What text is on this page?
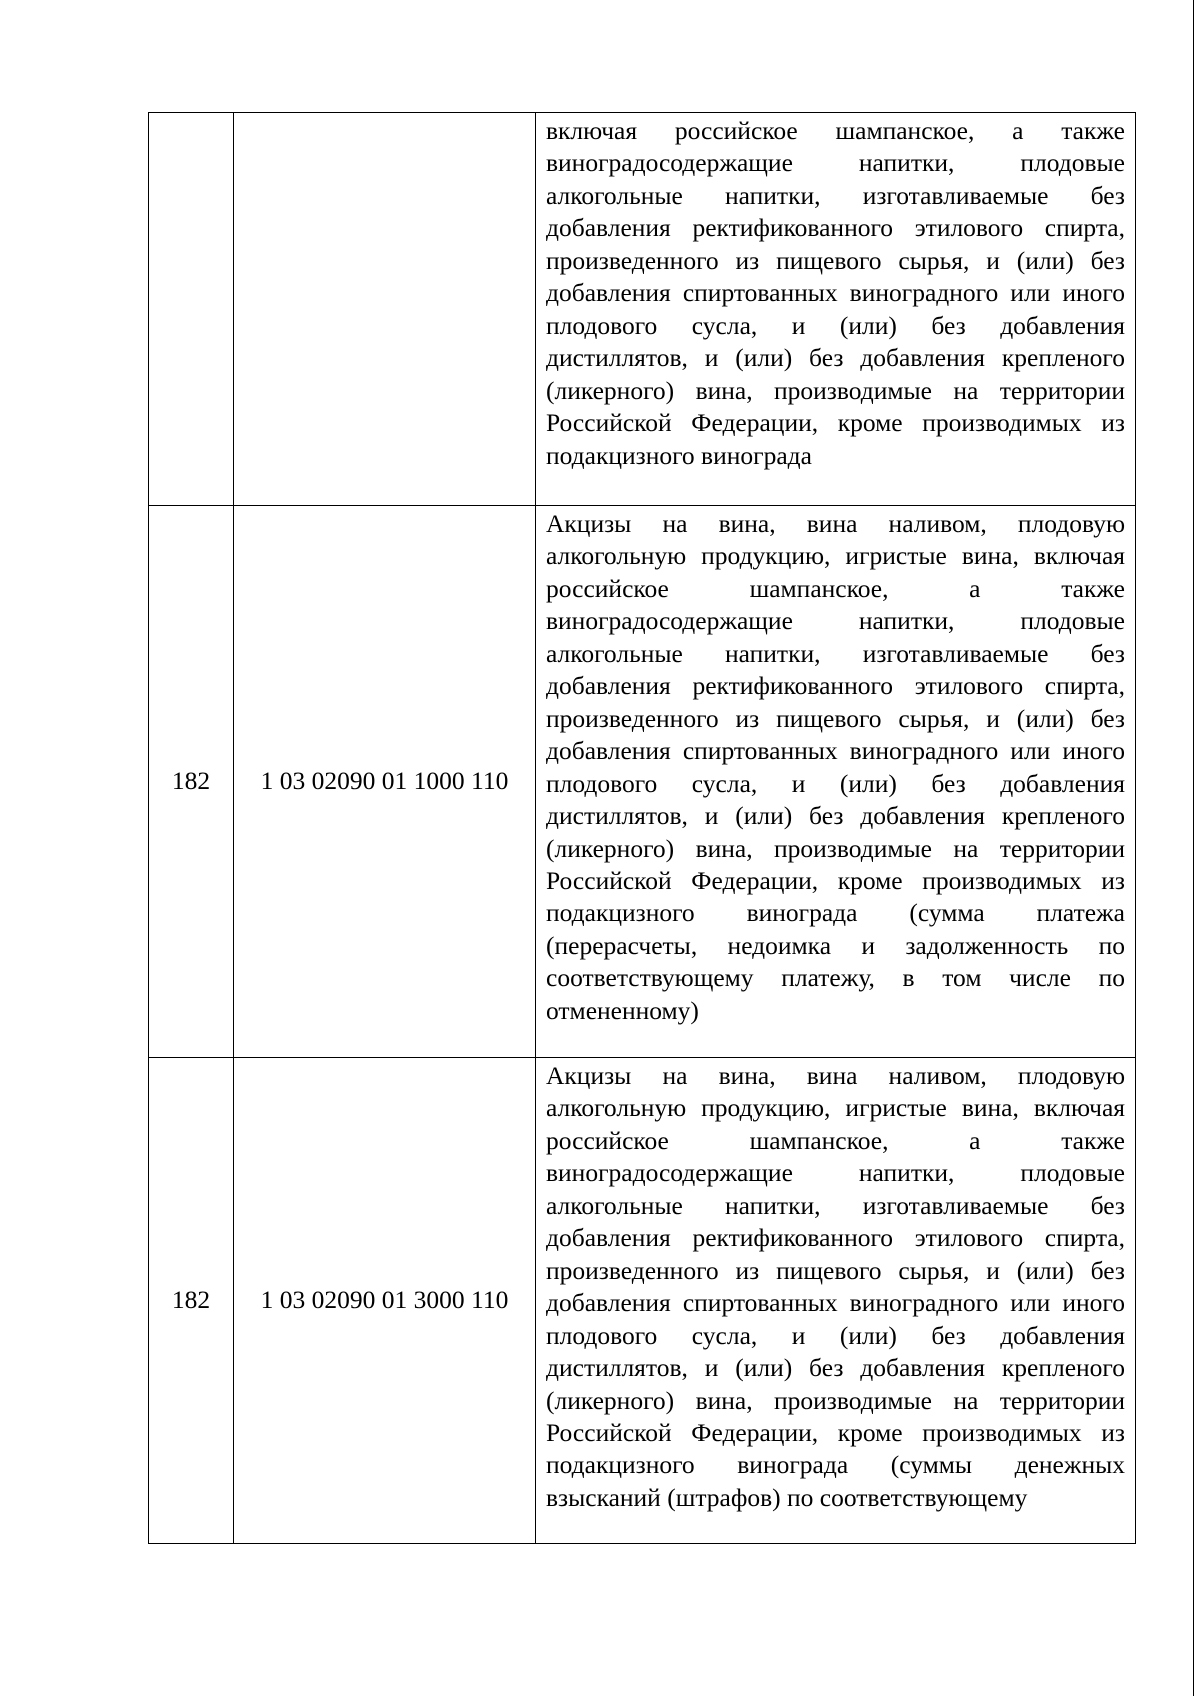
		включая российское шампанское, а также виноградосодержащие напитки, плодовые алкогольные напитки, изготавливаемые без добавления ректификованного этилового спирта, произведенного из пищевого сырья, и (или) без добавления спиртованных виноградного или иного плодового сусла, и (или) без добавления дистиллятов, и (или) без добавления крепленого (ликерного) вина, производимые на территории Российской Федерации, кроме производимых из подакцизного винограда

182	1 03 02090 01 1000 110	Акцизы на вина, вина наливом, плодовую алкогольную продукцию, игристые вина, включая российское шампанское, а также виноградосодержащие напитки, плодовые алкогольные напитки, изготавливаемые без добавления ректификованного этилового спирта, произведенного из пищевого сырья, и (или) без добавления спиртованных виноградного или иного плодового сусла, и (или) без добавления дистиллятов, и (или) без добавления крепленого (ликерного) вина, производимые на территории Российской Федерации, кроме производимых из подакцизного винограда (сумма платежа (перерасчеты, недоимка и задолженность по соответствующему платежу, в том числе по отмененному)

182	1 03 02090 01 3000 110	Акцизы на вина, вина наливом, плодовую алкогольную продукцию, игристые вина, включая российское шампанское, а также виноградосодержащие напитки, плодовые алкогольные напитки, изготавливаемые без добавления ректификованного этилового спирта, произведенного из пищевого сырья, и (или) без добавления спиртованных виноградного или иного плодового сусла, и (или) без добавления дистиллятов, и (или) без добавления крепленого (ликерного) вина, производимые на территории Российской Федерации, кроме производимых из подакцизного винограда (суммы денежных взысканий (штрафов) по соответствующему
